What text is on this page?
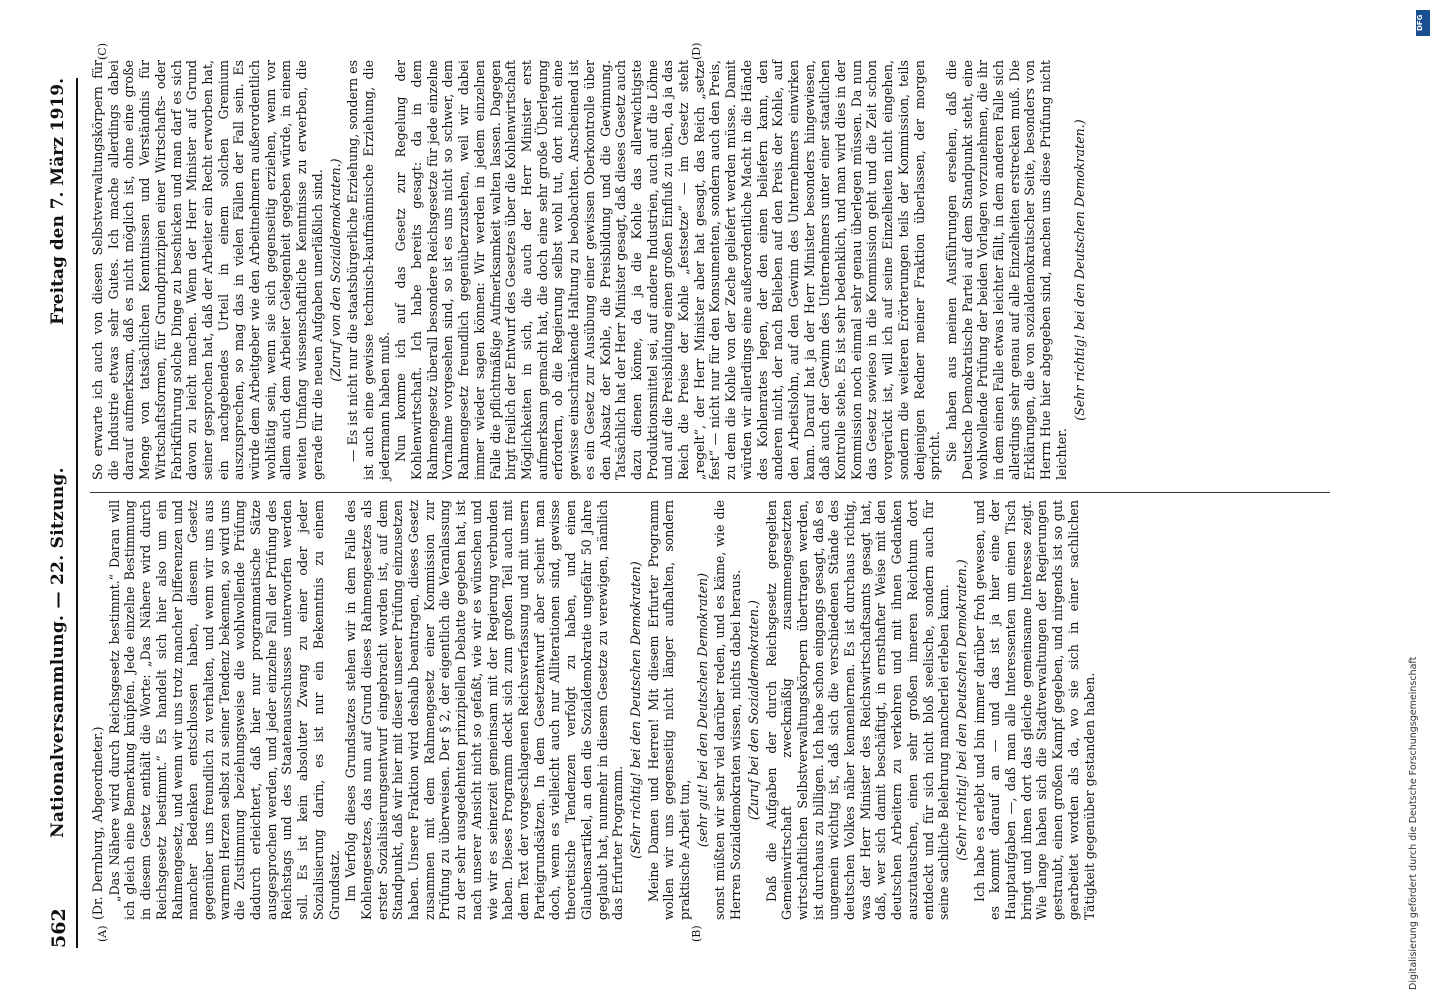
562
Nationalversammlung. — 22. Sitzung.
Freitag den 7. März 1919.
(A)	(B)
(C)	(D)

(Dr. Dernburg, Abgeordneter.) „Das Nähere wird durch Reichsgesetz bestimmt.“ Daran will ich gleich eine Bemerkung knüpfen. Jede einzelne Bestimmung in diesem Gesetz enthält die Worte: „Das Nähere wird durch Reichsgesetz bestimmt.“ Es handelt sich hier also um ein Rahmengesetz, und wenn wir uns trotz mancher Differenzen und mancher Bedenken entschlossen haben, diesem Gesetz gegenüber uns freundlich zu verhalten, und wenn wir uns aus warmem Herzen selbst zu seiner Tendenz bekennen, so wird uns die Zustimmung beziehungsweise die wohlwollende Prüfung dadurch erleichtert, daß hier nur programmatische Sätze ausgesprochen werden, und jeder einzelne Fall der Prüfung des Reichstags und des Staatenausschusses unterworfen werden soll. Es ist kein absoluter Zwang zu einer oder jeder Sozialisierung darin, es ist nur ein Bekenntnis zu einem Grundsatz. Im Verfolg dieses Grundsatzes stehen wir in dem Falle des Kohlengesetzes, das nun auf Grund dieses Rahmengesetzes als erster Sozialisierungsentwurf eingebracht worden ist, auf dem Standpunkt, daß wir hier mit dieser unserer Prüfung einzusetzen haben. Unsere Fraktion wird deshalb beantragen, dieses Gesetz zusammen mit dem Rahmengesetz einer Kommission zur Prüfung zu überweisen. Der § 2, der eigentlich die Veranlassung zu der sehr ausgedehnten prinzipiellen Debatte gegeben hat, ist nach unserer Ansicht nicht so gefaßt, wie wir es wünschen und wie wir es seinerzeit gemeinsam mit der Regierung verbunden haben. Dieses Programm deckt sich zum großen Teil auch mit dem Text der vorgeschlagenen Reichsverfassung und mit unsern Parteigrundsätzen. In dem Gesetzentwurf aber scheint man doch, wenn es vielleicht auch nur Alliterationen sind, gewisse theoretische Tendenzen verfolgt zu haben, und einen Glaubensartikel, an den die Sozialdemokratie ungefähr 50 Jahre geglaubt hat, nunmehr in diesem Gesetze zu verewigen, nämlich das Erfurter Programm. (Sehr richtig! bei den Deutschen Demokraten) Meine Damen und Herren! Mit diesem Erfurter Programm wollen wir uns gegenseitig nicht länger aufhalten, sondern praktische Arbeit tun,

(sehr gut! bei den Deutschen Demokraten) sonst müßten wir sehr viel darüber reden, und es käme, wie die Herren Sozialdemokraten wissen, nichts dabei heraus. (Zuruf bei den Sozialdemokraten.) Daß die Aufgaben der durch Reichsgesetz geregelten Gemeinwirtschaft zweckmäßig zusammengesetzten wirtschaftlichen Selbstverwaltungskörpern übertragen werden, ist durchaus zu billigen. Ich habe schon eingangs gesagt, daß es ungemein wichtig ist, daß sich die verschiedenen Stände des deutschen Volkes näher kennenlernen. Es ist durchaus richtig, was der Herr Minister des Reichswirtschaftsamts gesagt hat, daß, wer sich damit beschäftigt, in ernsthafter Weise mit den deutschen Arbeitern zu verkehren und mit ihnen Gedanken auszutauschen, einen sehr großen inneren Reichtum dort entdeckt und für sich nicht bloß seelische, sondern auch für seine sachliche Belehrung mancherlei erleben kann. (Sehr richtig! bei den Deutschen Demokraten.) Ich habe es erlebt und bin immer darüber froh gewesen, und es kommt darauf an — und das ist ja hier eine der Hauptaufgaben —, daß man alle Interessenten um einen Tisch bringt und ihnen dort das gleiche gemeinsame Interesse zeigt. Wie lange haben sich die Stadtverwaltungen der Regierungen gestraubt, einen großen Kampf gegeben, und nirgends ist so gut gearbeitet worden als da, wo sie sich in einer sachlichen Tätigkeit gegenüber gestanden haben.

So erwarte ich auch von diesen Selbstverwaltungskörpern für die Industrie etwas sehr Gutes. Ich mache allerdings dabei darauf aufmerksam, daß es nicht möglich ist, ohne eine große Menge von tatsächlichen Kenntnissen und Verständnis für Wirtschaftsformen, für Grundprinzipien einer Wirtschafts- oder Fabrikführung solche Dinge zu beschicken und man darf es sich davon zu leicht machen. Wenn der Herr Minister auf Grund seiner gesprochen hat, daß der Arbeiter ein Recht erworben hat, ein nachgebendes Urteil in einem solchen Gremium auszusprechen, so mag das in vielen Fällen der Fall sein. Es würde dem Arbeitgeber wie den Arbeitnehmern außerordentlich wohltätig sein, wenn sie sich gegenseitig erziehen, wenn vor allem auch dem Arbeiter Gelegenheit gegeben würde, in einem weiten Umfang wissenschaftliche Kenntnisse zu erwerben, die gerade für die neuen Aufgaben unerläßlich sind. (Zuruf von den Sozialdemokraten.) — Es ist nicht nur die staatsbürgerliche Erziehung, sondern es ist auch eine gewisse technisch-kaufmännische Erziehung, die jedermann haben muß. Nun komme ich auf das Gesetz zur Regelung der Kohlenwirtschaft. Ich habe bereits gesagt: da in dem Rahmengesetz überall besondere Reichsgesetze für jede einzelne Vornahme vorgesehen sind, so ist es uns nicht so schwer, dem Rahmengesetz freundlich gegenüberzustehen, weil wir dabei immer wieder sagen können: Wir werden in jedem einzelnen Falle die pflichtmäßige Aufmerksamkeit walten lassen. Dagegen birgt freilich der Entwurf des Gesetzes über die Kohlenwirtschaft Möglichkeiten in sich, die auch der Herr Minister erst aufmerksam gemacht hat, die doch eine sehr große Überlegung erfordern, ob die Regierung selbst wohl tut, dort nicht eine gewisse einschränkende Haltung zu beobachten. Anscheinend ist es ein Gesetz zur Ausübung einer gewissen Oberkontrolle über den Absatz der Kohle, die Preisbildung und die Gewinnung. Tatsächlich hat der Herr Minister gesagt, daß dieses Gesetz auch dazu dienen könne, da ja die Kohle das allerwichtigste Produktionsmittel sei, auf andere Industrien, auch auf die Löhne und auf die Preisbildung einen großen Einfluß zu üben, da ja das Reich die Preise der Kohle „festsetze“ — im Gesetz steht „regelt“, der Herr Minister aber hat gesagt, das Reich „setze fest“ — nicht nur für den Konsumenten, sondern auch den Preis, zu dem die Kohle von der Zeche geliefert werden müsse. Damit würden wir allerdings eine außerordentliche Macht in die Hände des Kohlenrates legen, der den einen beliefern kann, den anderen nicht, der nach Belieben auf den Preis der Kohle, auf den Arbeitslohn, auf den Gewinn des Unternehmers einwirken kann. Darauf hat ja der Herr Minister besonders hingewiesen, daß auch der Gewinn des Unternehmers unter einer staatlichen Kontrolle stehe. Es ist sehr bedenklich, und man wird dies in der Kommission noch einmal sehr genau überlegen müssen. Da nun das Gesetz sowieso in die Kommission geht und die Zeit schon vorgerückt ist, will ich auf seine Einzelheiten nicht eingehen, sondern die weiteren Erörterungen teils der Kommission, teils denjenigen Redner meiner Fraktion überlassen, der morgen spricht. Sie haben aus meinen Ausführungen ersehen, daß die Deutsche Demokratische Partei auf dem Standpunkt steht, eine wohlwollende Prüfung der beiden Vorlagen vorzunehmen, die ihr in dem einen Falle etwas leichter fällt, in dem anderen Falle sich allerdings sehr genau auf alle Einzelheiten erstrecken muß. Die Erklärungen, die von sozialdemokratischer Seite, besonders von Herrn Hue hier abgegeben sind, machen uns diese Prüfung nicht leichter.

(Sehr richtig! bei den Deutschen Demokraten.)

Digitalisierung gefördert durch die Deutsche Forschungsgemeinschaft
DFG
